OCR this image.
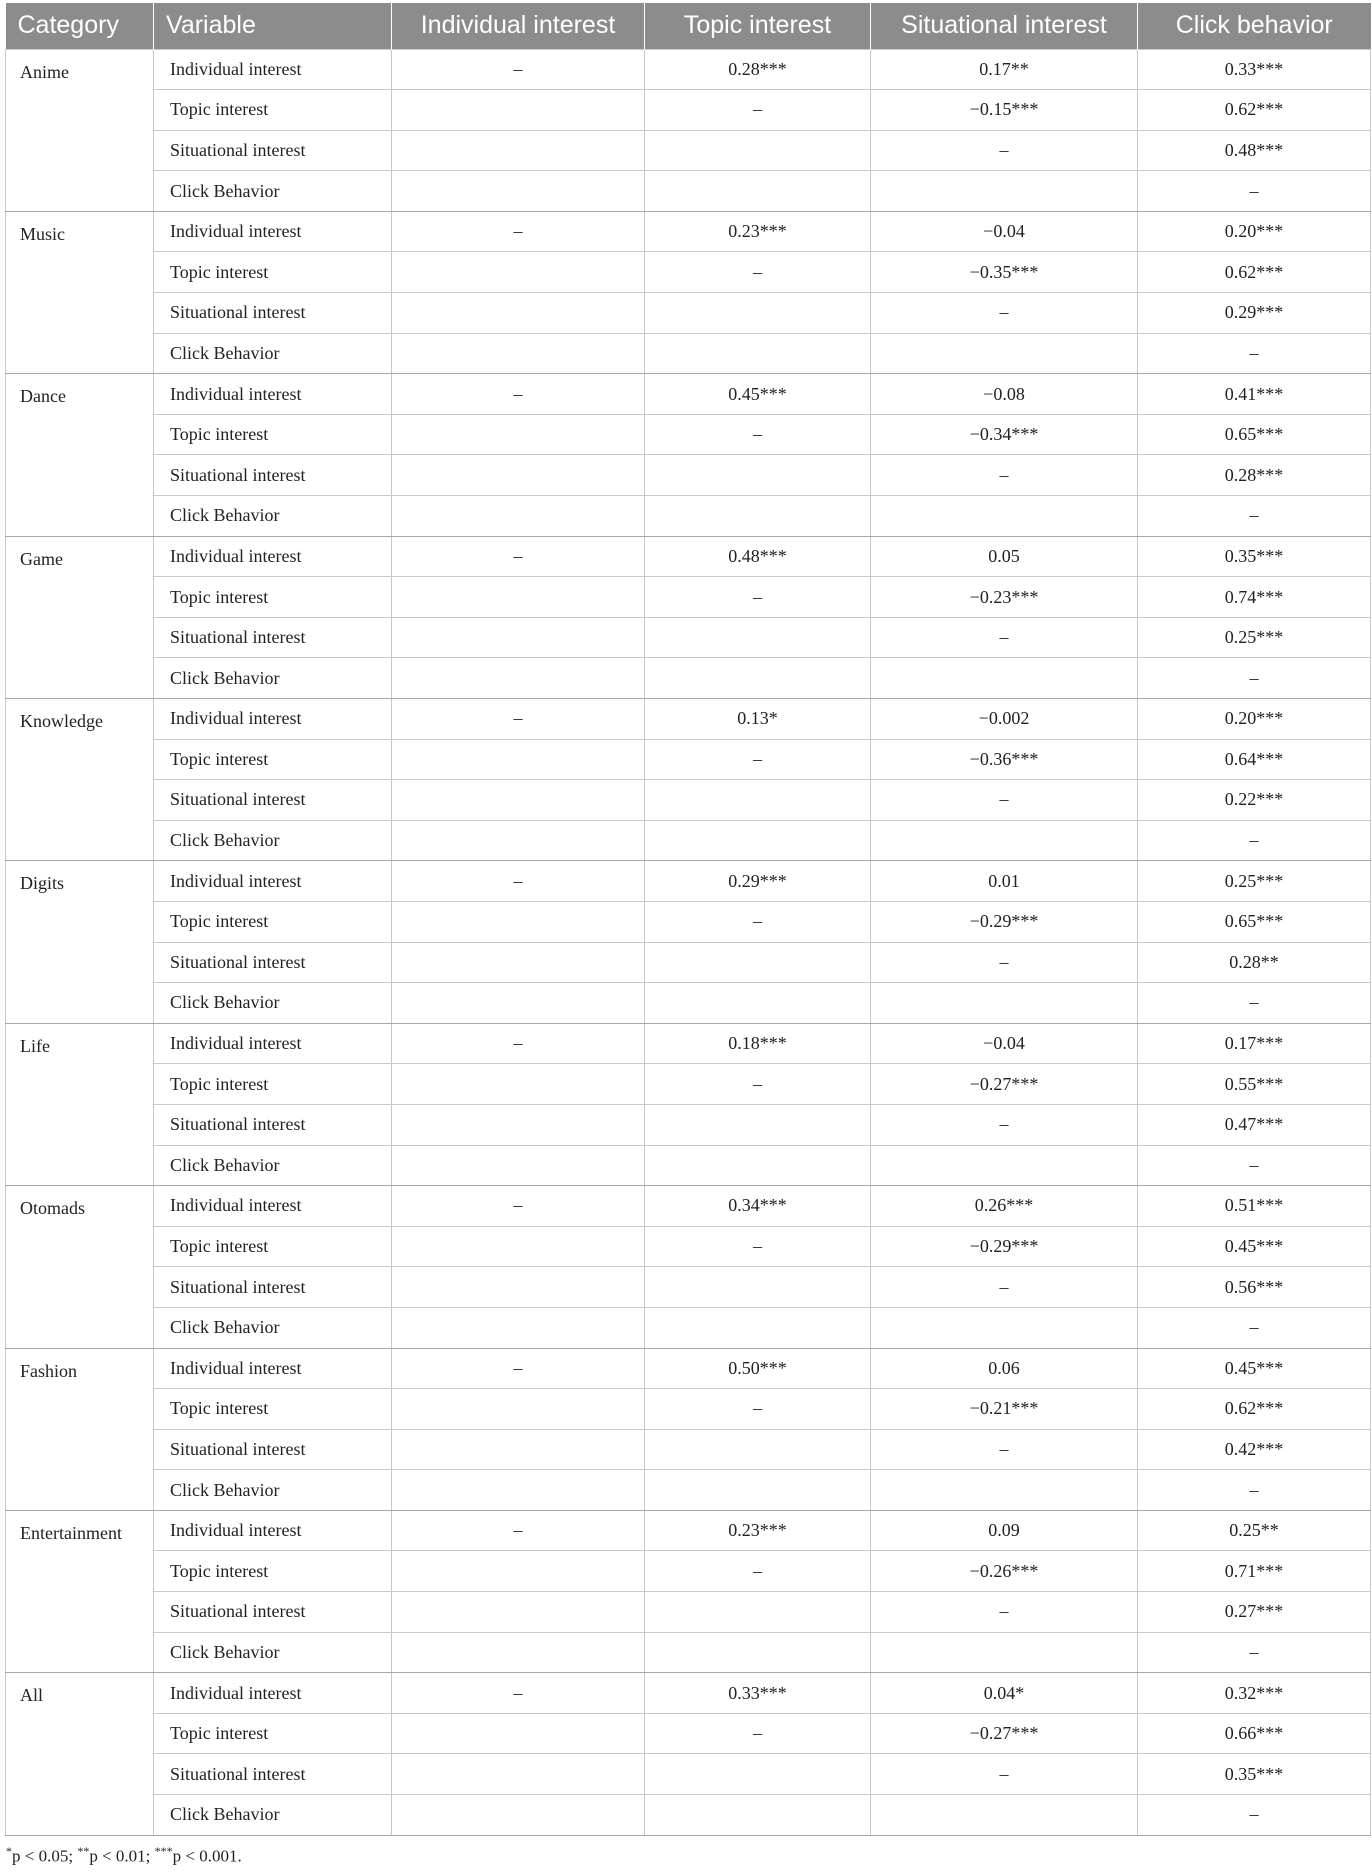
Category	Variable	Individual interest	Topic interest	Situational interest	Click behavior
Anime	Individual interest	–	0.28***	0.17**	0.33***
	Topic interest		–	−0.15***	0.62***
	Situational interest			–	0.48***
	Click Behavior				–
Music	Individual interest	–	0.23***	−0.04	0.20***
	Topic interest		–	−0.35***	0.62***
	Situational interest			–	0.29***
	Click Behavior				–
Dance	Individual interest	–	0.45***	−0.08	0.41***
	Topic interest		–	−0.34***	0.65***
	Situational interest			–	0.28***
	Click Behavior				–
Game	Individual interest	–	0.48***	0.05	0.35***
	Topic interest		–	−0.23***	0.74***
	Situational interest			–	0.25***
	Click Behavior				–
Knowledge	Individual interest	–	0.13*	−0.002	0.20***
	Topic interest		–	−0.36***	0.64***
	Situational interest			–	0.22***
	Click Behavior				–
Digits	Individual interest	–	0.29***	0.01	0.25***
	Topic interest		–	−0.29***	0.65***
	Situational interest			–	0.28**
	Click Behavior				–
Life	Individual interest	–	0.18***	−0.04	0.17***
	Topic interest		–	−0.27***	0.55***
	Situational interest			–	0.47***
	Click Behavior				–
Otomads	Individual interest	–	0.34***	0.26***	0.51***
	Topic interest		–	−0.29***	0.45***
	Situational interest			–	0.56***
	Click Behavior				–
Fashion	Individual interest	–	0.50***	0.06	0.45***
	Topic interest		–	−0.21***	0.62***
	Situational interest			–	0.42***
	Click Behavior				–
Entertainment	Individual interest	–	0.23***	0.09	0.25**
	Topic interest		–	−0.26***	0.71***
	Situational interest			–	0.27***
	Click Behavior				–
All	Individual interest	–	0.33***	0.04*	0.32***
	Topic interest		–	−0.27***	0.66***
	Situational interest			–	0.35***
	Click Behavior				–
*p < 0.05; **p < 0.01; ***p < 0.001.
